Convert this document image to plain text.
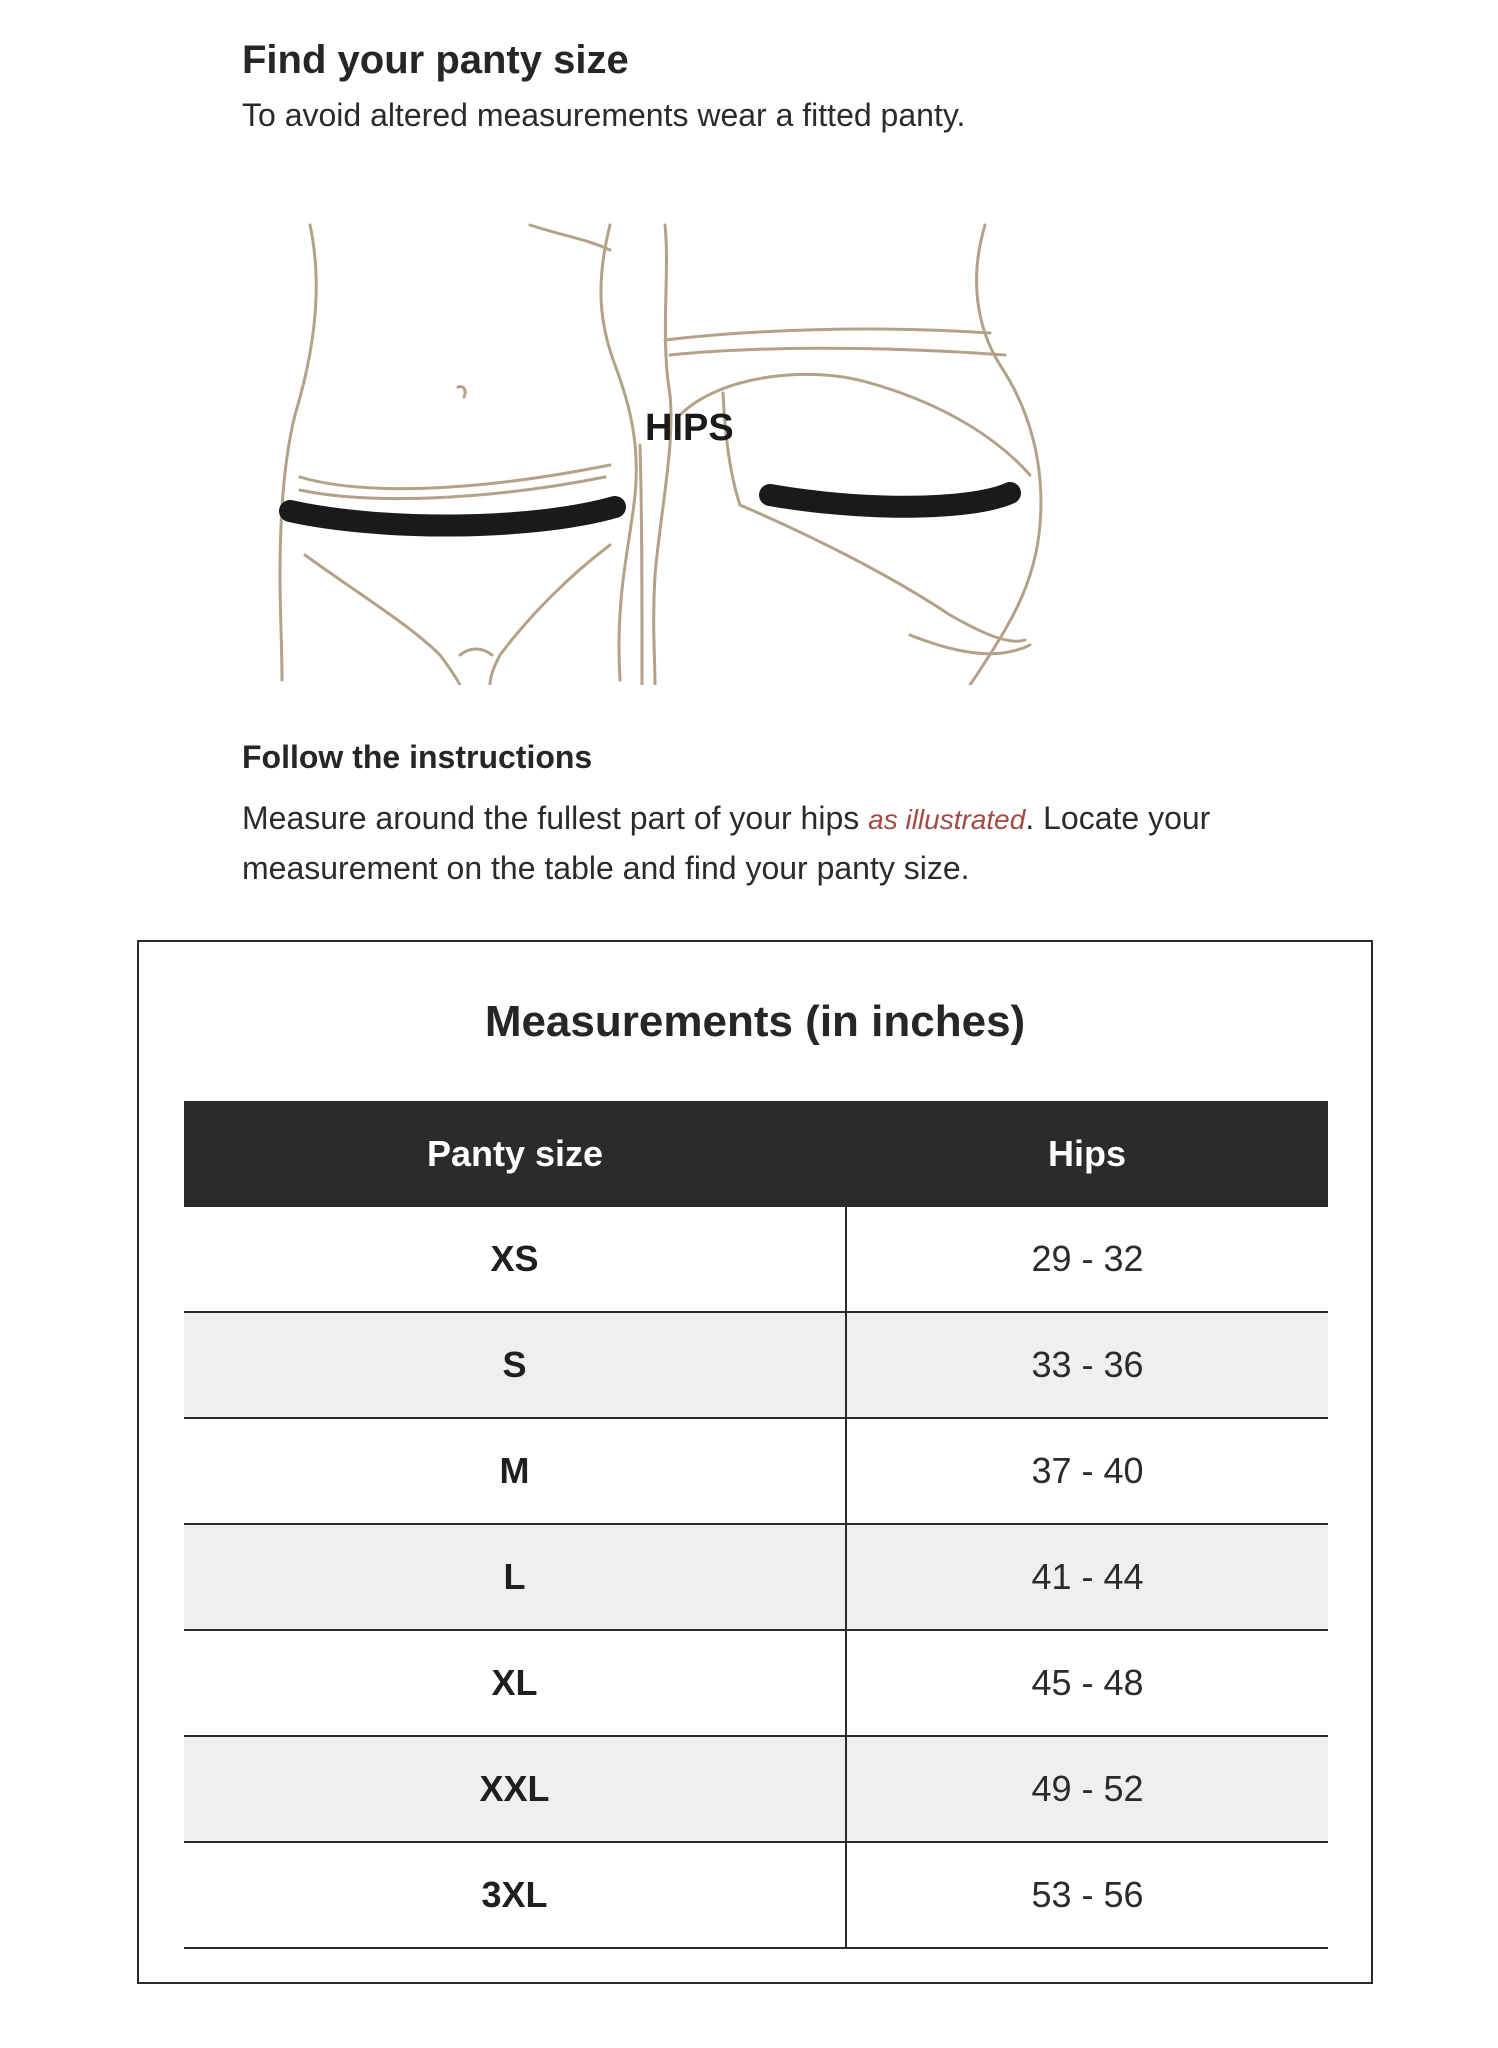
Find your panty size

To avoid altered measurements wear a fitted panty.

HIPS
Follow the instructions

Measure around the fullest part of your hips as illustrated. Locate your measurement on the table and find your panty size.

Measurements (in inches)
Panty size	Hips
XS	29 - 32
S	33 - 36
M	37 - 40
L	41 - 44
XL	45 - 48
XXL	49 - 52
3XL	53 - 56
